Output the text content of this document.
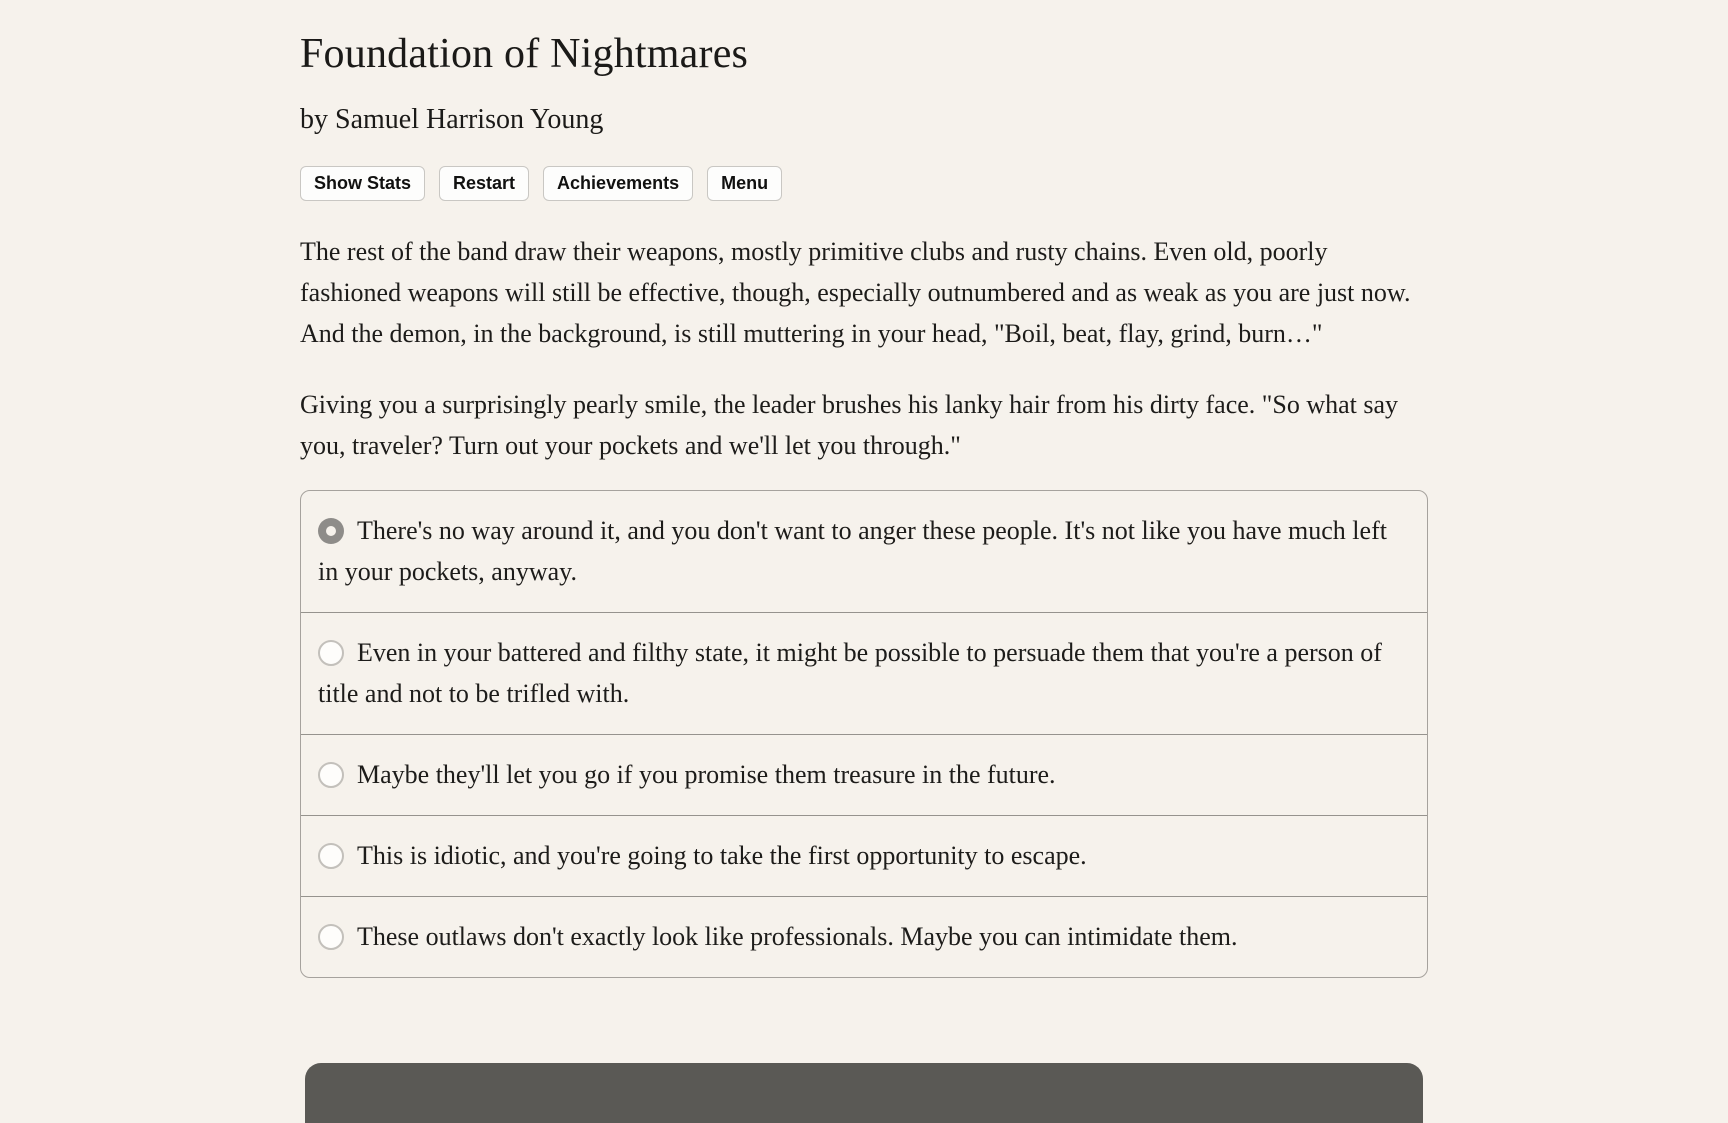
Foundation of Nightmares

by Samuel Harrison Young

Show Stats	Restart	Achievements	Menu

The rest of the band draw their weapons, mostly primitive clubs and rusty chains. Even old, poorly fashioned weapons will still be effective, though, especially outnumbered and as weak as you are just now. And the demon, in the background, is still muttering in your head, "Boil, beat, flay, grind, burn…"

Giving you a surprisingly pearly smile, the leader brushes his lanky hair from his dirty face. "So what say you, traveler? Turn out your pockets and we'll let you through."

There's no way around it, and you don't want to anger these people. It's not like you have much left in your pockets, anyway.
Even in your battered and filthy state, it might be possible to persuade them that you're a person of title and not to be trifled with.
Maybe they'll let you go if you promise them treasure in the future.
This is idiotic, and you're going to take the first opportunity to escape.
These outlaws don't exactly look like professionals. Maybe you can intimidate them.
